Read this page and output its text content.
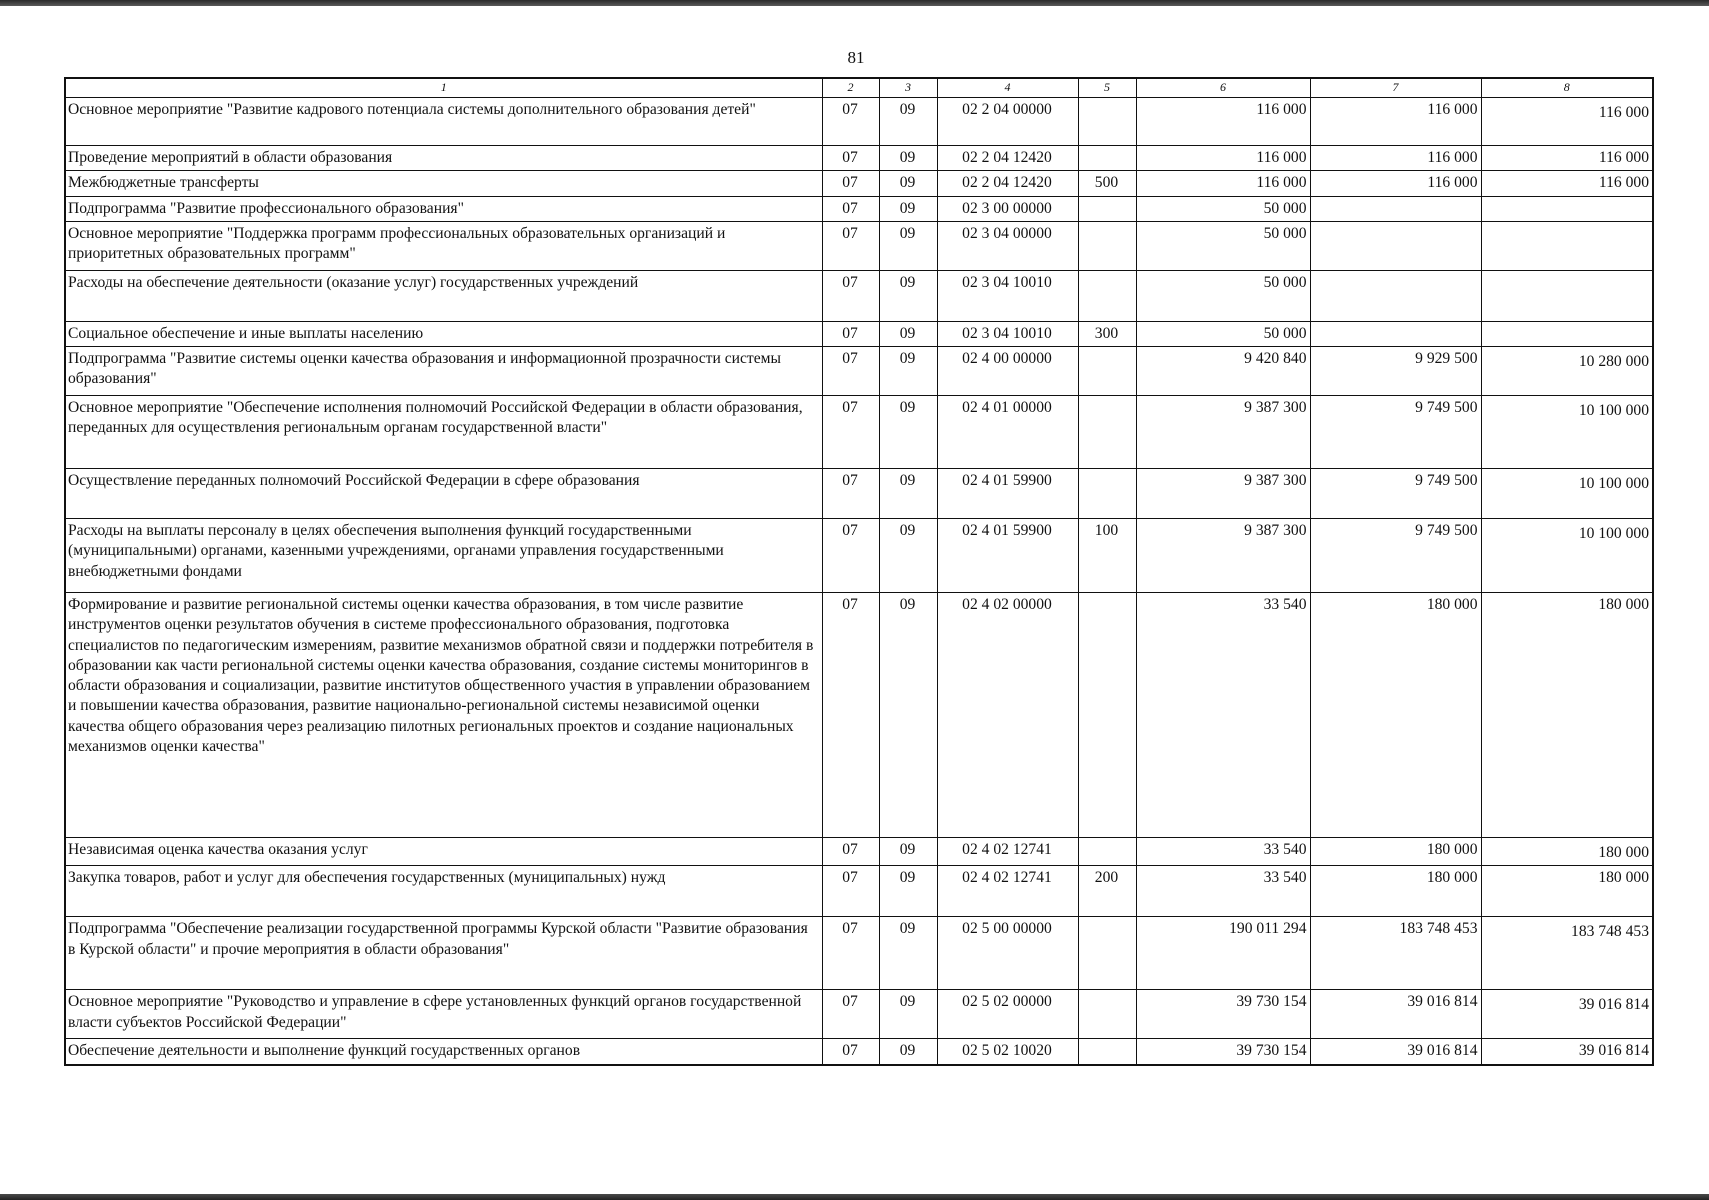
81
1	2	3	4	5	6	7	8
Основное мероприятие "Развитие кадрового потенциала системы дополнительного образования детей"	07	09	02 2 04 00000		116 000	116 000	116 000

Проведение мероприятий в области образования	07	09	02 2 04 12420		116 000	116 000	116 000
Межбюджетные трансферты	07	09	02 2 04 12420	500	116 000	116 000	116 000
Подпрограмма "Развитие профессионального образования"	07	09	02 3 00 00000		50 000		
Основное мероприятие "Поддержка программ профессиональных образовательных организаций и приоритетных образовательных программ"	07	09	02 3 04 00000		50 000		
Расходы на обеспечение деятельности (оказание услуг) государственных учреждений	07	09	02 3 04 10010		50 000		
Социальное обеспечение и иные выплаты населению	07	09	02 3 04 10010	300	50 000		
Подпрограмма "Развитие системы оценки качества образования и информационной прозрачности системы образования"	07	09	02 4 00 00000		9 420 840	9 929 500	10 280 000

Основное мероприятие "Обеспечение исполнения полномочий Российской Федерации в области образования, переданных для осуществления региональным органам государственной власти"	07	09	02 4 01 00000		9 387 300	9 749 500	10 100 000

Осуществление переданных полномочий Российской Федерации в сфере образования	07	09	02 4 01 59900		9 387 300	9 749 500	10 100 000

Расходы на выплаты персоналу в целях обеспечения выполнения функций государственными (муниципальными) органами, казенными учреждениями, органами управления государственными внебюджетными фондами	07	09	02 4 01 59900	100	9 387 300	9 749 500	10 100 000

Формирование и развитие региональной системы оценки качества образования, в том числе развитие инструментов оценки результатов обучения в системе профессионального образования, подготовка специалистов по педагогическим измерениям, развитие механизмов обратной связи и поддержки потребителя в образовании как части региональной системы оценки качества образования, создание системы мониторингов в области образования и социализации, развитие институтов общественного участия в управлении образованием и повышении качества образования, развитие национально-региональной системы независимой оценки качества общего образования через реализацию пилотных региональных проектов и создание национальных механизмов оценки качества"	07	09	02 4 02 00000		33 540	180 000	180 000
Независимая оценка качества оказания услуг	07	09	02 4 02 12741		33 540	180 000	180 000

Закупка товаров, работ и услуг для обеспечения государственных (муниципальных) нужд	07	09	02 4 02 12741	200	33 540	180 000	180 000
Подпрограмма "Обеспечение реализации государственной программы Курской области "Развитие образования в Курской области" и прочие мероприятия в области образования"	07	09	02 5 00 00000		190 011 294	183 748 453	183 748 453

Основное мероприятие "Руководство и управление в сфере установленных функций органов государственной власти субъектов Российской Федерации"	07	09	02 5 02 00000		39 730 154	39 016 814	39 016 814

Обеспечение деятельности и выполнение функций государственных органов	07	09	02 5 02 10020		39 730 154	39 016 814	39 016 814
